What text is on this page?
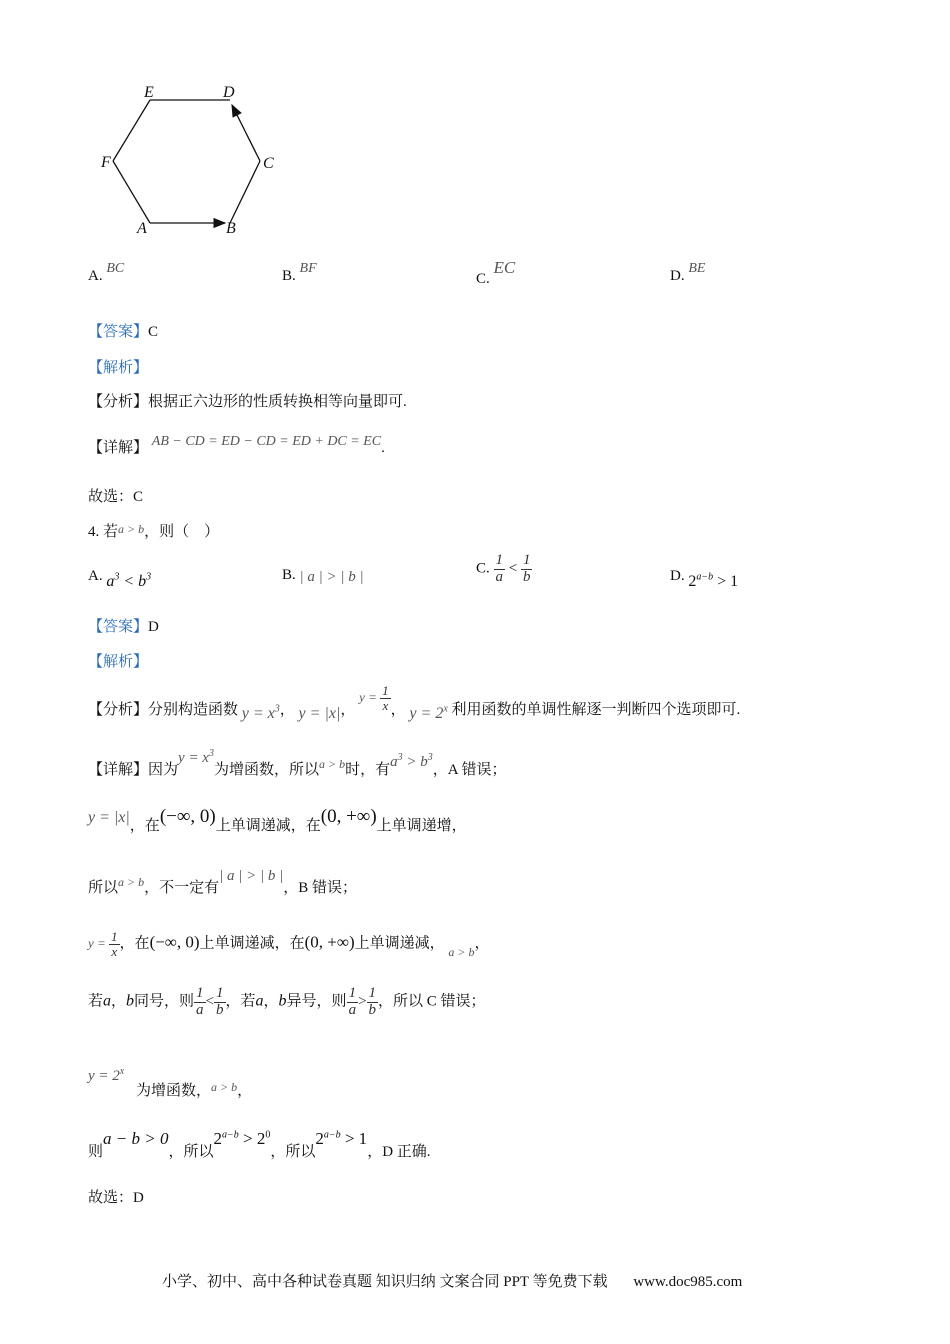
E	D
F	C
A	B
A. BC	B. BF
C. EC	D. BE
【答案】C
【解析】
【分析】根据正六边形的性质转换相等向量即可.
【详解】 AB − CD = ED − CD = ED + DC = EC.
故选：C
4. 若$^{a > b}$，则（　）
A. $a^3 < b^3$	B. | a | > | b |
C. $\frac{1}{a} < \frac{1}{b}$	D. $2^{a-b} > 1$
【答案】D
【解析】
【分析】分别构造函数 $y = x^3$， y = |x|， $y = \frac{1}{x}$ ， $y = 2^x$ 利用函数的单调性解逐一判断四个选项即可.
【详解】因为$y = x^3$为增函数，所以$_{a > b}$时，有$a^3 > b^3$，A 错误；
y = |x|，在(−∞, 0)上单调递减，在(0, +∞)上单调递增，
所以$_{a > b}$，不一定有| a | > | b |，B 错误；
$y = \frac{1}{x}$ ，在(−∞, 0)上单调递减，在(0, +∞)上单调递减， $_{a > b}$，
若a，b同号，则 $\frac{1}{a} < \frac{1}{b}$ ，若a，b异号，则 $\frac{1}{a} > \frac{1}{b}$ ，所以 C 错误；
$y = 2^x$
为增函数，$^{a > b}$，
则a − b > 0，所以$2^{a-b} > 2^0$，所以$2^{a-b} > 1$，D 正确.
故选：D
小学、初中、高中各种试卷真题 知识归纳 文案合同 PPT 等免费下载 www.doc985.com
